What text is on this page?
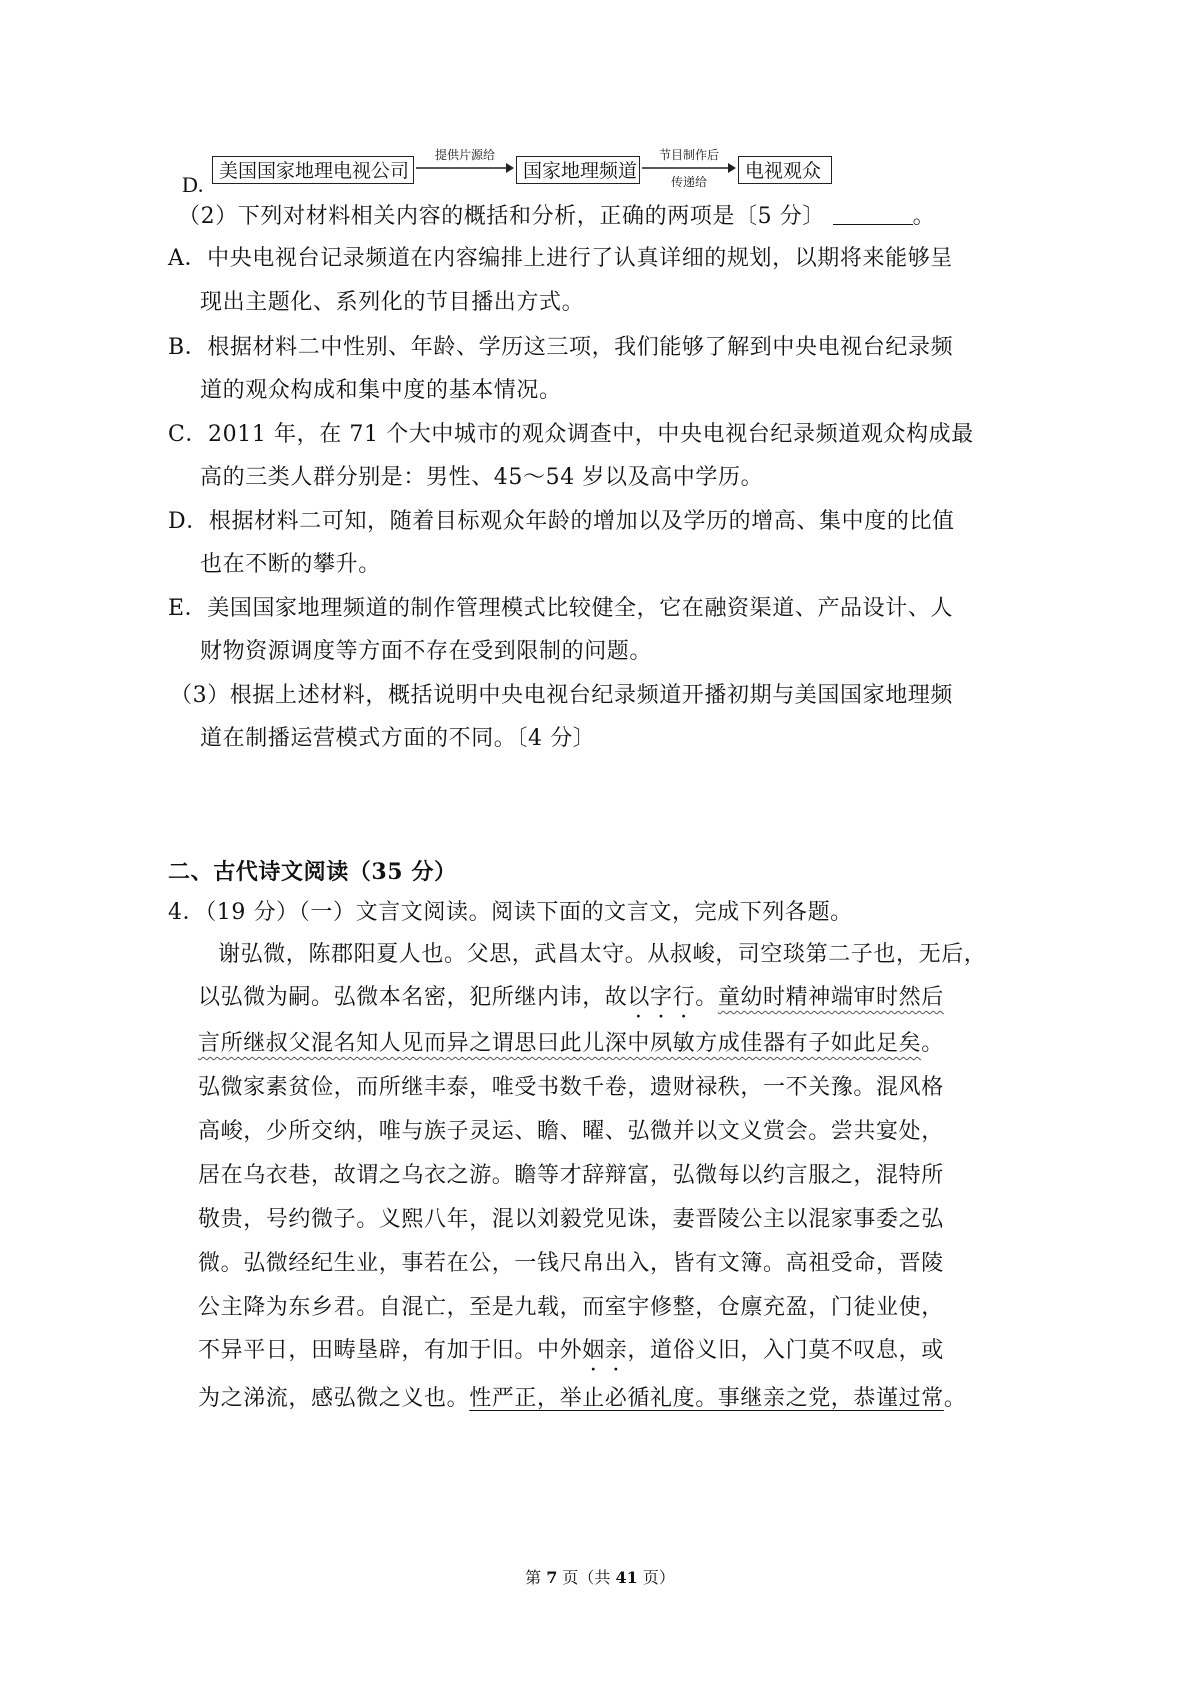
D.
美国国家地理电视公司
提供片源给
国家地理频道
节目制作后
传递给	电视观众
（2）下列对材料相关内容的概括和分析，正确的两项是〔5 分〕	。
A．中央电视台记录频道在内容编排上进行了认真详细的规划，以期将来能够呈
现出主题化、系列化的节目播出方式。
B．根据材料二中性别、年龄、学历这三项，我们能够了解到中央电视台纪录频
道的观众构成和集中度的基本情况。
C．2011 年，在 71 个大中城市的观众调查中，中央电视台纪录频道观众构成最
高的三类人群分别是：男性、45～54 岁以及高中学历。
D．根据材料二可知，随着目标观众年龄的增加以及学历的增高、集中度的比值
也在不断的攀升。
E．美国国家地理频道的制作管理模式比较健全，它在融资渠道、产品设计、人
财物资源调度等方面不存在受到限制的问题。
（3）根据上述材料，概括说明中央电视台纪录频道开播初期与美国国家地理频
道在制播运营模式方面的不同。〔4 分〕
二、古代诗文阅读（35 分）
4．（19 分）（一）文言文阅读。阅读下面的文言文，完成下列各题。
谢弘微，陈郡阳夏人也。父思，武昌太守。从叔峻，司空琰第二子也，无后，
以弘微为嗣。弘微本名密，犯所继内讳，故以字行。童幼时精神端审时然后
言所继叔父混名知人见而异之谓思曰此儿深中夙敏方成佳器有子如此足矣。
弘微家素贫俭，而所继丰泰，唯受书数千卷，遗财禄秩，一不关豫。混风格
高峻，少所交纳，唯与族子灵运、瞻、曜、弘微并以文义赏会。尝共宴处，
居在乌衣巷，故谓之乌衣之游。瞻等才辞辩富，弘微每以约言服之，混特所
敬贵，号约微子。义熙八年，混以刘毅党见诛，妻晋陵公主以混家事委之弘
微。弘微经纪生业，事若在公，一钱尺帛出入，皆有文簿。高祖受命，晋陵
公主降为东乡君。自混亡，至是九载，而室宇修整，仓廪充盈，门徒业使，
不异平日，田畴垦辟，有加于旧。中外姻亲，道俗义旧，入门莫不叹息，或
为之涕流，感弘微之义也。性严正，举止必循礼度。事继亲之党，恭谨过常。
第 7 页（共 41 页）
